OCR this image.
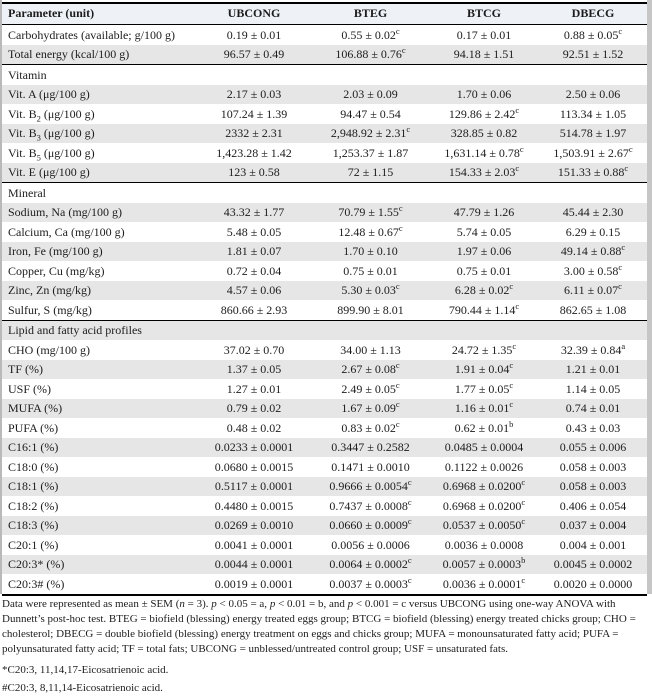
Parameter (unit)	UBCONG	BTEG	BTCG	DBECG
Carbohydrates (available; g/100 g)	0.19 ± 0.01	0.55 ± 0.02$^c$	0.17 ± 0.01	0.88 ± 0.05$^c$
Total energy (kcal/100 g)	96.57 ± 0.49	106.88 ± 0.76$^c$	94.18 ± 1.51	92.51 ± 1.52
Vitamin				
Vit. A (μg/100 g)	2.17 ± 0.03	2.03 ± 0.09	1.70 ± 0.06	2.50 ± 0.06
Vit. $B_2$ (μg/100 g)	107.24 ± 1.39	94.47 ± 0.54	129.86 ± 2.42$^c$	113.34 ± 1.05
Vit. $B_3$ (μg/100 g)	2332 ± 2.31	2,948.92 ± 2.31$^c$	328.85 ± 0.82	514.78 ± 1.97
Vit. $B_5$ (μg/100 g)	1,423.28 ± 1.42	1,253.37 ± 1.87	1,631.14 ± 0.78$^c$	1,503.91 ± 2.67$^c$
Vit. E (μg/100 g)	123 ± 0.58	72 ± 1.15	154.33 ± 2.03$^c$	151.33 ± 0.88$^c$
Mineral				
Sodium, Na (mg/100 g)	43.32 ± 1.77	70.79 ± 1.55$^c$	47.79 ± 1.26	45.44 ± 2.30
Calcium, Ca (mg/100 g)	5.48 ± 0.05	12.48 ± 0.67$^c$	5.74 ± 0.05	6.29 ± 0.15
Iron, Fe (mg/100 g)	1.81 ± 0.07	1.70 ± 0.10	1.97 ± 0.06	49.14 ± 0.88$^c$
Copper, Cu (mg/kg)	0.72 ± 0.04	0.75 ± 0.01	0.75 ± 0.01	3.00 ± 0.58$^c$
Zinc, Zn (mg/kg)	4.57 ± 0.06	5.30 ± 0.03$^c$	6.28 ± 0.02$^c$	6.11 ± 0.07$^c$
Sulfur, S (mg/kg)	860.66 ± 2.93	899.90 ± 8.01	790.44 ± 1.14$^c$	862.65 ± 1.08
Lipid and fatty acid profiles				
CHO (mg/100 g)	37.02 ± 0.70	34.00 ± 1.13	24.72 ± 1.35$^c$	32.39 ± 0.84$^a$
TF (%)	1.37 ± 0.05	2.67 ± 0.08$^c$	1.91 ± 0.04$^c$	1.21 ± 0.01
USF (%)	1.27 ± 0.01	2.49 ± 0.05$^c$	1.77 ± 0.05$^c$	1.14 ± 0.05
MUFA (%)	0.79 ± 0.02	1.67 ± 0.09$^c$	1.16 ± 0.01$^c$	0.74 ± 0.01
PUFA (%)	0.48 ± 0.02	0.83 ± 0.02$^c$	0.62 ± 0.01$^b$	0.43 ± 0.03
C16:1 (%)	0.0233 ± 0.0001	0.3447 ± 0.2582	0.0485 ± 0.0004	0.055 ± 0.006
C18:0 (%)	0.0680 ± 0.0015	0.1471 ± 0.0010	0.1122 ± 0.0026	0.058 ± 0.003
C18:1 (%)	0.5117 ± 0.0001	0.9666 ± 0.0054$^c$	0.6968 ± 0.0200$^c$	0.058 ± 0.003
C18:2 (%)	0.4480 ± 0.0015	0.7437 ± 0.0008$^c$	0.6968 ± 0.0200$^c$	0.406 ± 0.054
C18:3 (%)	0.0269 ± 0.0010	0.0660 ± 0.0009$^c$	0.0537 ± 0.0050$^c$	0.037 ± 0.004
C20:1 (%)	0.0041 ± 0.0001	0.0056 ± 0.0006	0.0036 ± 0.0008	0.004 ± 0.001
C20:3* (%)	0.0044 ± 0.0001	0.0064 ± 0.0002$^c$	0.0057 ± 0.0003$^b$	0.0045 ± 0.0002
C20:3# (%)	0.0019 ± 0.0001	0.0037 ± 0.0003$^c$	0.0036 ± 0.0001$^c$	0.0020 ± 0.0000

Data were represented as mean ± SEM (n = 3). p < 0.05 = a, p < 0.01 = b, and p < 0.001 = c versus UBCONG using one-way ANOVA with Dunnett’s post-hoc test. BTEG = biofield (blessing) energy treated eggs group; BTCG = biofield (blessing) energy treated chicks group; CHO = cholesterol; DBECG = double biofield (blessing) energy treatment on eggs and chicks group; MUFA = monounsaturated fatty acid; PUFA = polyunsaturated fatty acid; TF = total fats; UBCONG = unblessed/untreated control group; USF = unsaturated fats.

*C20:3, 11,14,17-Eicosatrienoic acid.

#C20:3, 8,11,14-Eicosatrienoic acid.
